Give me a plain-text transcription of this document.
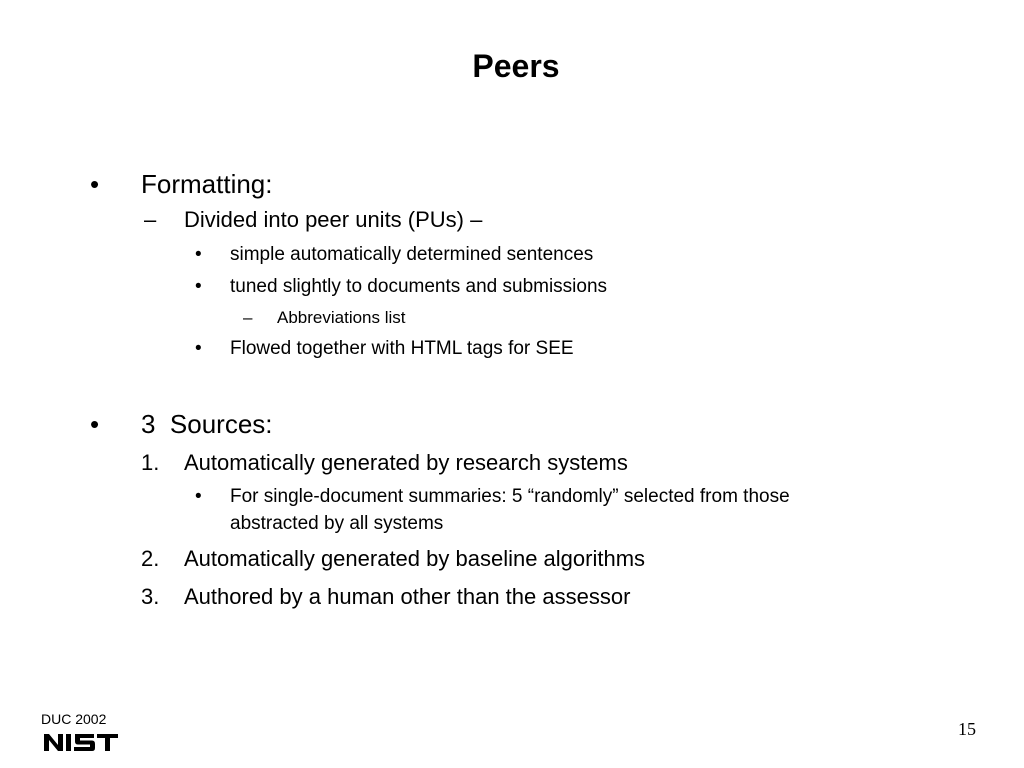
Peers
• Formatting:
– Divided into peer units (PUs) –
• simple automatically determined sentences
• tuned slightly to documents and submissions
– Abbreviations list
• Flowed together with HTML tags for SEE
• 3  Sources:
1. Automatically generated by research systems
• For single-document summaries: 5 “randomly” selected from those
abstracted by all systems
2. Automatically generated by baseline algorithms
3. Authored by a human other than the assessor
DUC 2002	15
